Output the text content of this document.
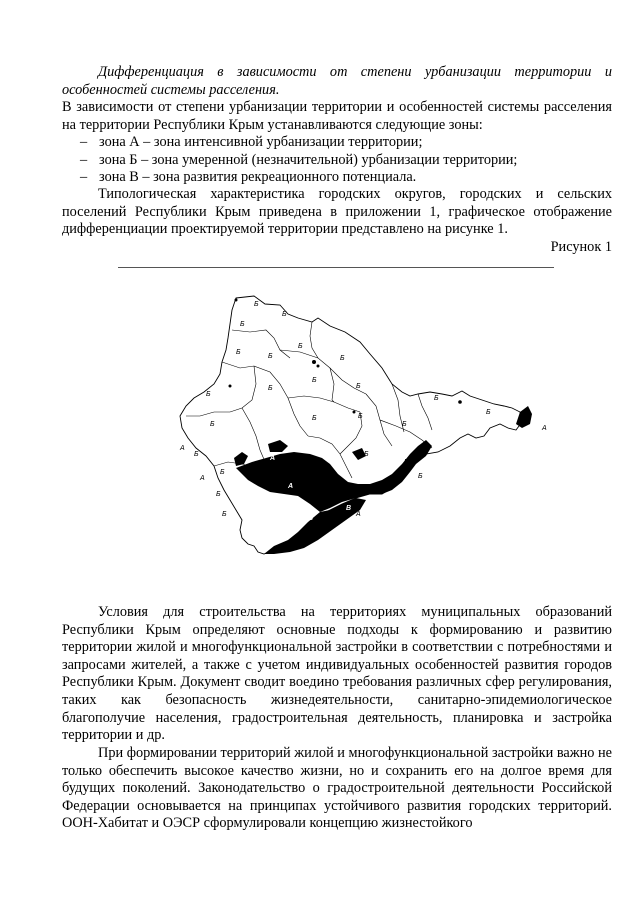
Дифференциация в зависимости от степени урбанизации территории и особенностей системы расселения.

В зависимости от степени урбанизации территории и особенностей системы расселения на территории Республики Крым устанавливаются следующие зоны:

– зона А – зона интенсивной урбанизации территории;
– зона Б – зона умеренной (незначительной) урбанизации территории;
– зона В – зона развития рекреационного потенциала.

Типологическая характеристика городских округов, городских и сельских поселений Республики Крым приведена в приложении 1, графическое отображение дифференциации проектируемой территории представлено на рисунке 1.

Рисунок 1

А
А
А
В
В
В
Б
Б
Б
Б
Б
Б
Б
Б
Б
Б
Б
Б
Б	Б
Б
Б
Б
Б
Б
Б
Б
Б
Б
Б
А
А
А
А

Условия для строительства на территориях муниципальных образований Республики Крым определяют основные подходы к формированию и развитию территории жилой и многофункциональной застройки в соответствии с потребностями и запросами жителей, а также с учетом индивидуальных особенностей развития городов Республики Крым. Документ сводит воедино требования различных сфер регулирования, таких как безопасность жизнедеятельности, санитарно-эпидемиологическое благополучие населения, градостроительная деятельность, планировка и застройка территории и др.

При формировании территорий жилой и многофункциональной застройки важно не только обеспечить высокое качество жизни, но и сохранить его на долгое время для будущих поколений. Законодательство о градостроительной деятельности Российской Федерации основывается на принципах устойчивого развития городских территорий. ООН-Хабитат и ОЭСР сформулировали концепцию жизнестойкого
